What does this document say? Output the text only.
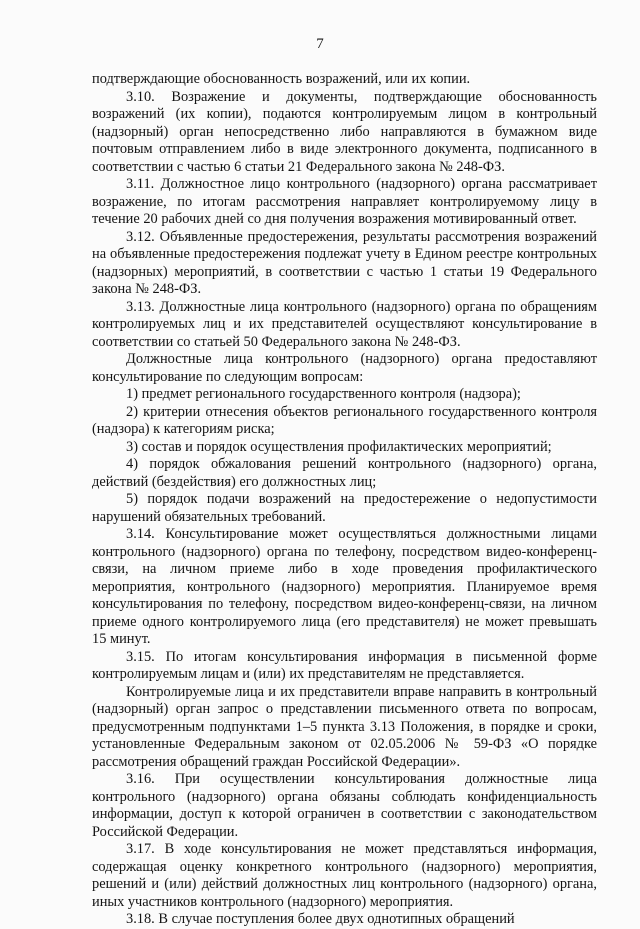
7

подтверждающие обоснованность возражений, или их копии.

3.10. Возражение и документы, подтверждающие обоснованность возражений (их копии), подаются контролируемым лицом в контрольный (надзорный) орган непосредственно либо направляются в бумажном виде почтовым отправлением либо в виде электронного документа, подписанного в соответствии с частью 6 статьи 21 Федерального закона № 248-ФЗ.

3.11. Должностное лицо контрольного (надзорного) органа рассматривает возражение, по итогам рассмотрения направляет контролируемому лицу в течение 20 рабочих дней со дня получения возражения мотивированный ответ.

3.12. Объявленные предостережения, результаты рассмотрения возражений на объявленные предостережения подлежат учету в Едином реестре контрольных (надзорных) мероприятий, в соответствии с частью 1 статьи 19 Федерального закона № 248-ФЗ.

3.13. Должностные лица контрольного (надзорного) органа по обращениям контролируемых лиц и их представителей осуществляют консультирование в соответствии со статьей 50 Федерального закона № 248-ФЗ.

Должностные лица контрольного (надзорного) органа предоставляют консультирование по следующим вопросам:

1) предмет регионального государственного контроля (надзора);

2) критерии отнесения объектов регионального государственного контроля (надзора) к категориям риска;

3) состав и порядок осуществления профилактических мероприятий;

4) порядок обжалования решений контрольного (надзорного) органа, действий (бездействия) его должностных лиц;

5) порядок подачи возражений на предостережение о недопустимости нарушений обязательных требований.

3.14. Консультирование может осуществляться должностными лицами контрольного (надзорного) органа по телефону, посредством видео-конференц-связи, на личном приеме либо в ходе проведения профилактического мероприятия, контрольного (надзорного) мероприятия. Планируемое время консультирования по телефону, посредством видео-конференц-связи, на личном приеме одного контролируемого лица (его представителя) не может превышать 15 минут.

3.15. По итогам консультирования информация в письменной форме контролируемым лицам и (или) их представителям не представляется.

Контролируемые лица и их представители вправе направить в контрольный (надзорный) орган запрос о представлении письменного ответа по вопросам, предусмотренным подпунктами 1–5 пункта 3.13 Положения, в порядке и сроки, установленные Федеральным законом от 02.05.2006 № 59-ФЗ «О порядке рассмотрения обращений граждан Российской Федерации».

3.16. При осуществлении консультирования должностные лица контрольного (надзорного) органа обязаны соблюдать конфиденциальность информации, доступ к которой ограничен в соответствии с законодательством Российской Федерации.

3.17. В ходе консультирования не может представляться информация, содержащая оценку конкретного контрольного (надзорного) мероприятия, решений и (или) действий должностных лиц контрольного (надзорного) органа, иных участников контрольного (надзорного) мероприятия.

3.18. В случае поступления более двух однотипных обращений
